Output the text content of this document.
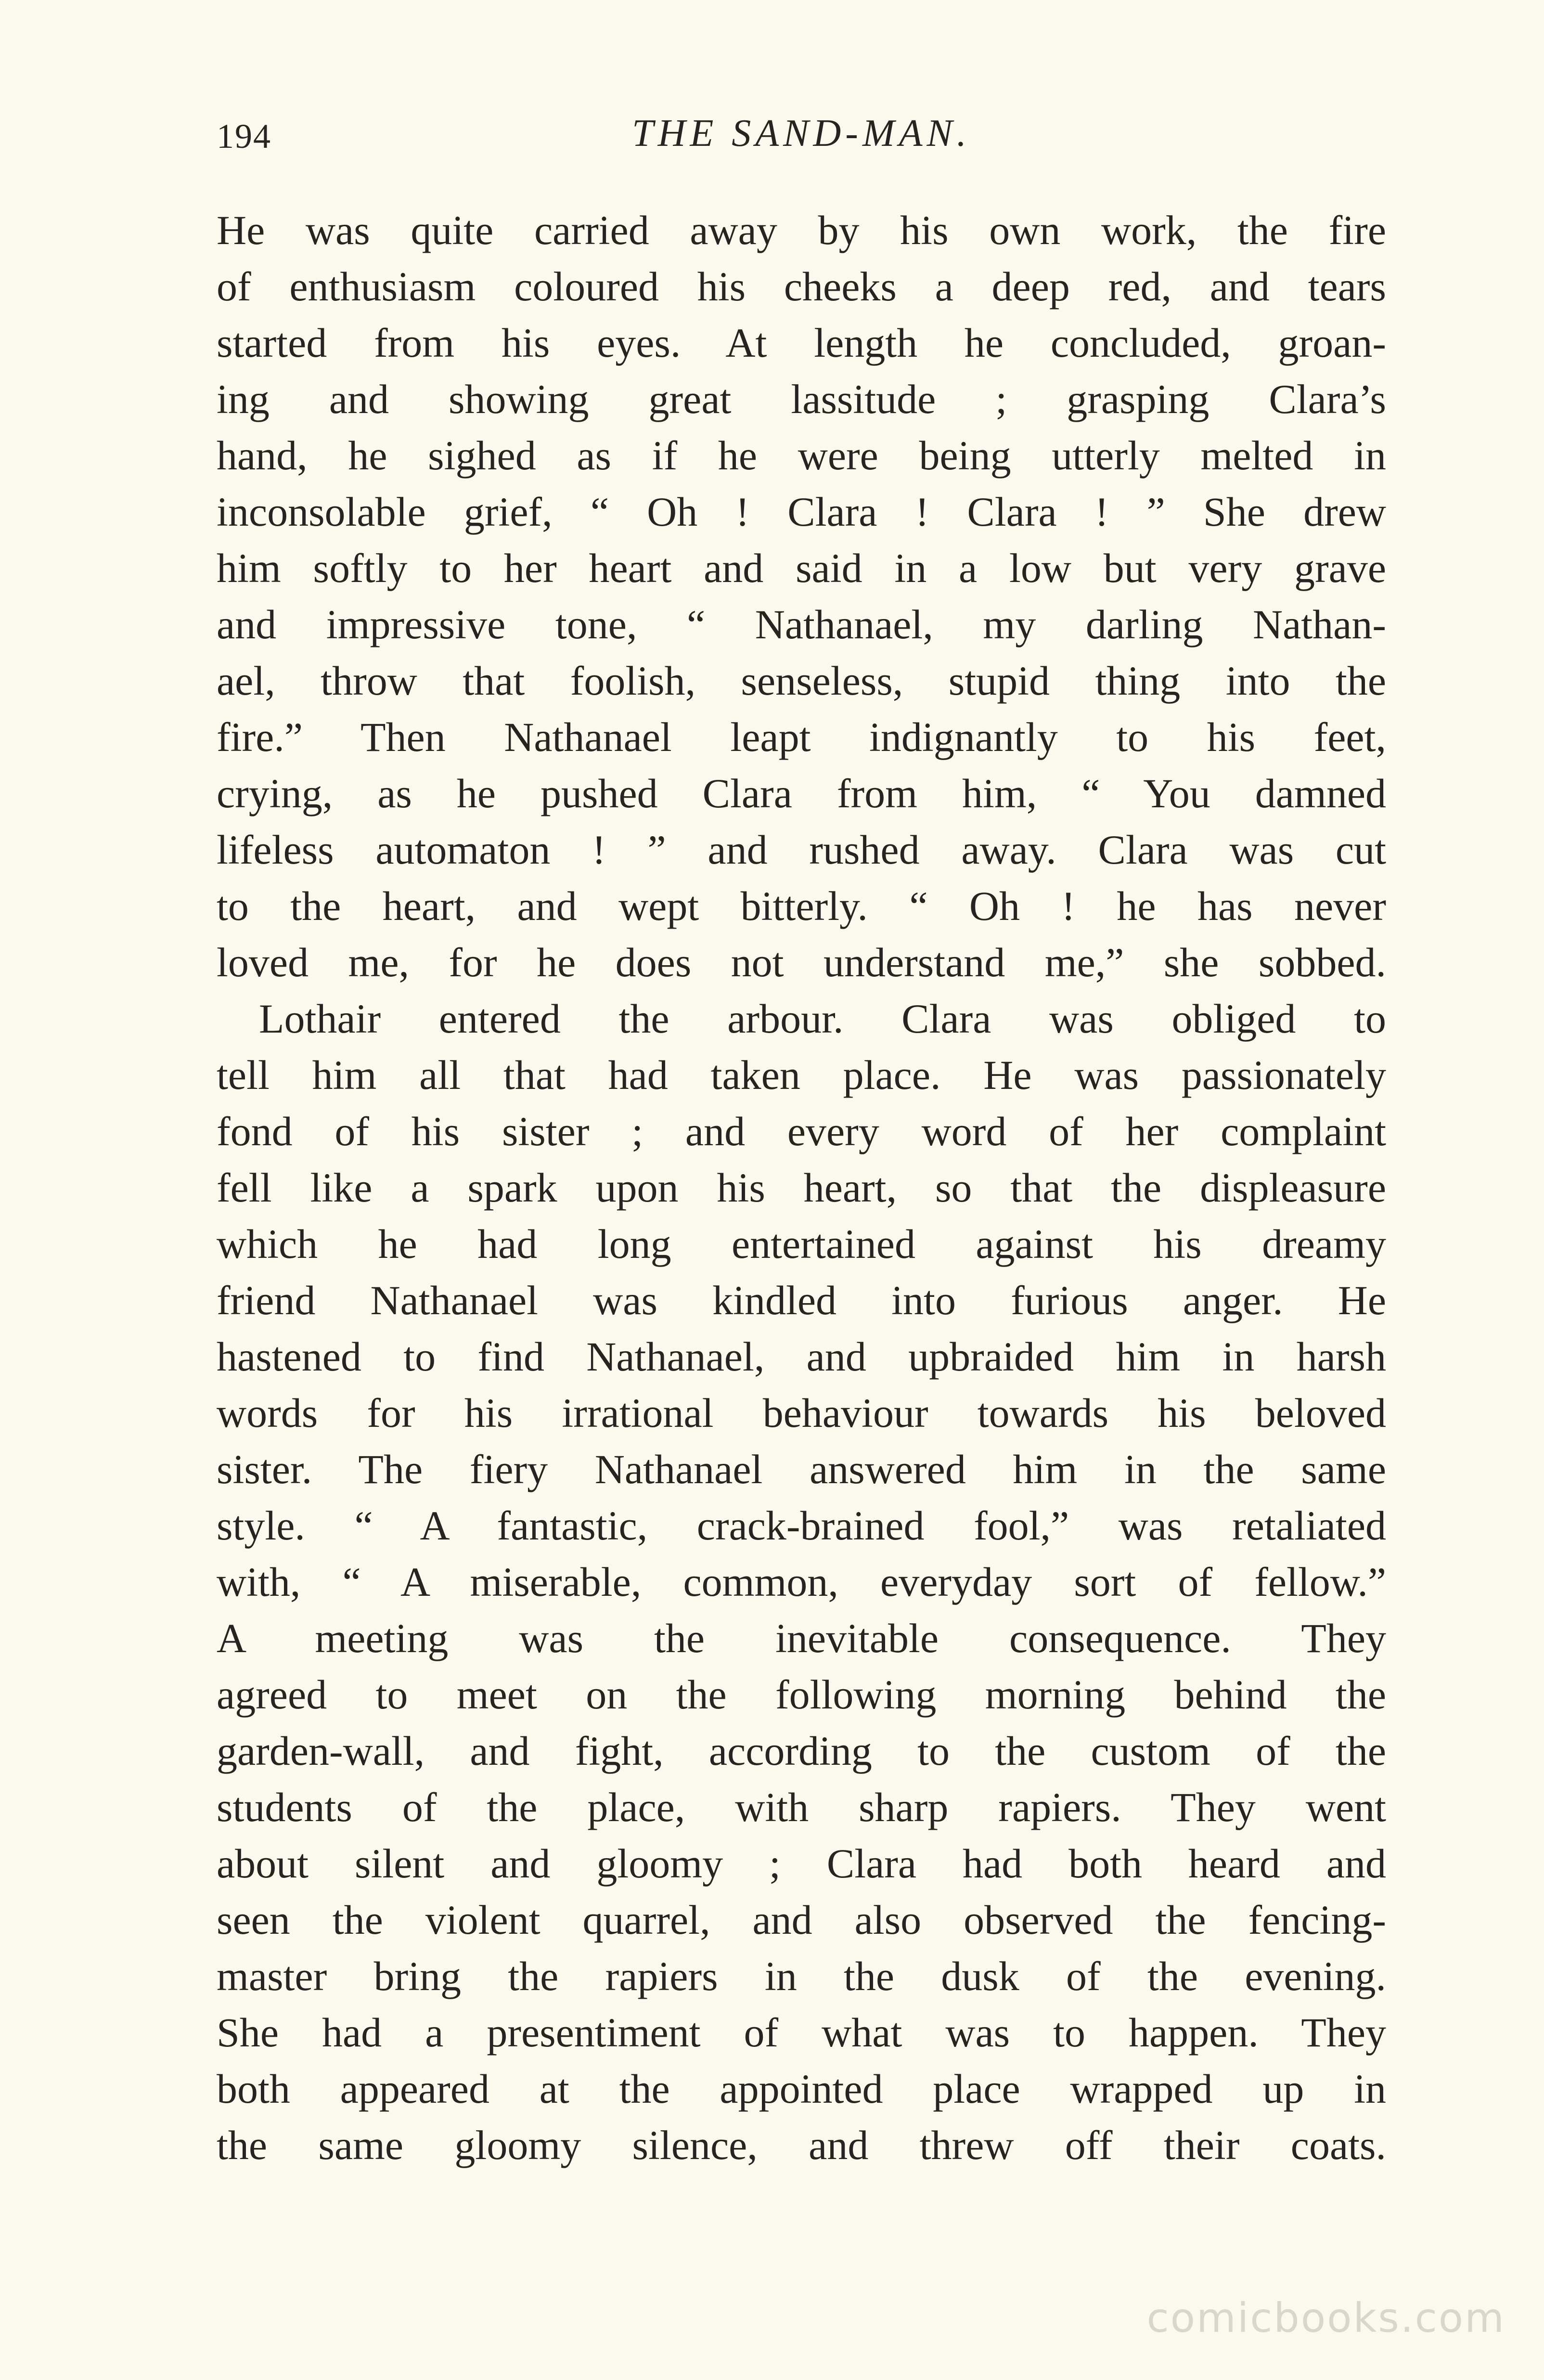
194	THE SAND-MAN.
He was quite carried away by his own work, the fire
of enthusiasm coloured his cheeks a deep red, and tears
started from his eyes. At length he concluded, groan-
ing and showing great lassitude ; grasping Clara’s
hand, he sighed as if he were being utterly melted in
inconsolable grief, “ Oh ! Clara ! Clara ! ” She drew
him softly to her heart and said in a low but very grave
and impressive tone, “ Nathanael, my darling Nathan-
ael, throw that foolish, senseless, stupid thing into the
fire.” Then Nathanael leapt indignantly to his feet,
crying, as he pushed Clara from him, “ You damned
lifeless automaton ! ” and rushed away. Clara was cut
to the heart, and wept bitterly. “ Oh ! he has never
loved me, for he does not understand me,” she sobbed.
Lothair entered the arbour. Clara was obliged to
tell him all that had taken place. He was passionately
fond of his sister ; and every word of her complaint
fell like a spark upon his heart, so that the displeasure
which he had long entertained against his dreamy
friend Nathanael was kindled into furious anger. He
hastened to find Nathanael, and upbraided him in harsh
words for his irrational behaviour towards his beloved
sister. The fiery Nathanael answered him in the same
style. “ A fantastic, crack-brained fool,” was retaliated
with, “ A miserable, common, everyday sort of fellow.”
A meeting was the inevitable consequence. They
agreed to meet on the following morning behind the
garden-wall, and fight, according to the custom of the
students of the place, with sharp rapiers. They went
about silent and gloomy ; Clara had both heard and
seen the violent quarrel, and also observed the fencing-
master bring the rapiers in the dusk of the evening.
She had a presentiment of what was to happen. They
both appeared at the appointed place wrapped up in
the same gloomy silence, and threw off their coats.
comicbooks.com
